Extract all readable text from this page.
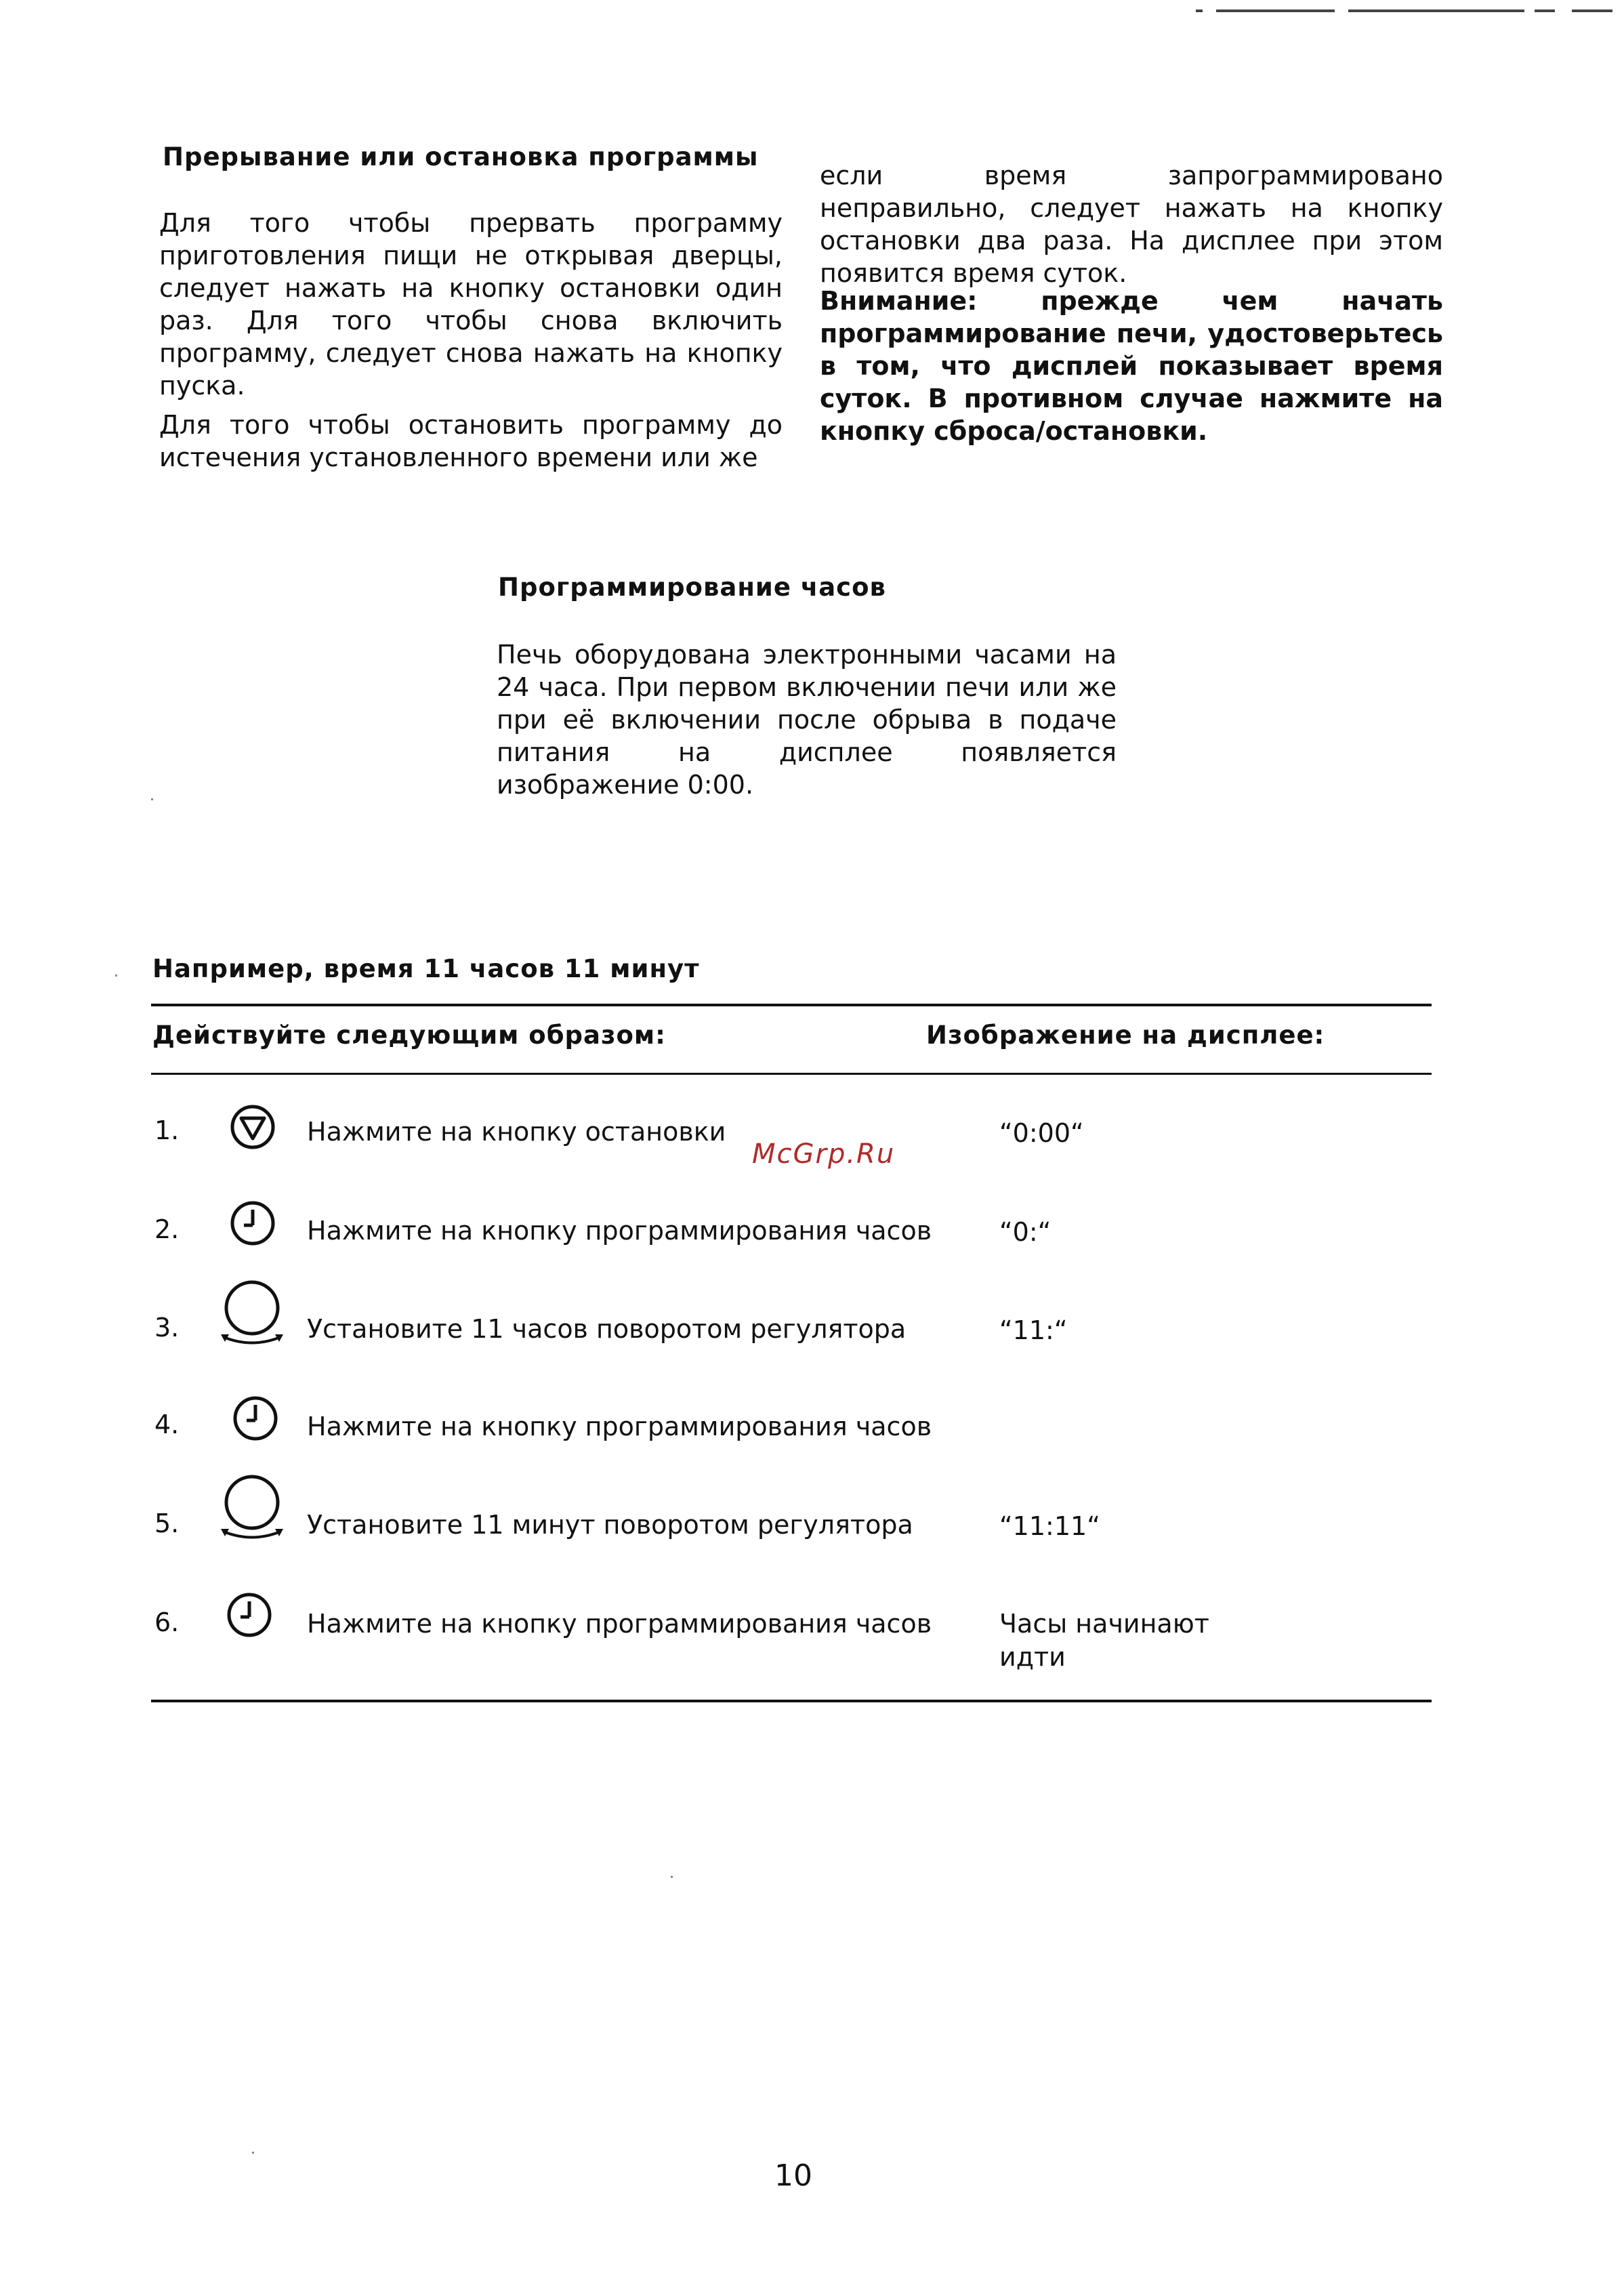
Прерывание или остановка программы
Для того чтобы прервать программу приготовления пищи не открывая дверцы, следует нажать на кнопку остановки один раз. Для того чтобы снова включить программу, следует снова нажать на кнопку пуска.
Для того чтобы остановить программу до истечения установленного времени или же
если время запрограммировано неправильно, следует нажать на кнопку остановки два раза. На дисплее при этом появится время суток.
Внимание: прежде чем начать программирование печи, удостоверьтесь в том, что дисплей показывает время суток. В противном случае нажмите на кнопку сброса/остановки.
Программирование часов
Печь оборудована электронными часами на 24 часа. При первом включении печи или же при её включении после обрыва в подаче питания на дисплее появляется изображение 0:00.
Например, время 11 часов 11 минут
Действуйте следующим образом:	Изображение на дисплее:
1.	Нажмите на кнопку остановки	“0:00“
2.	Нажмите на кнопку программирования часов	“0:“
3.	Установите 11 часов поворотом регулятора	“11:“
4.	Нажмите на кнопку программирования часов
5.	Установите 11 минут поворотом регулятора	“11:11“
6.	Нажмите на кнопку программирования часов	Часы начинают
идти
McGrp.Ru
10
